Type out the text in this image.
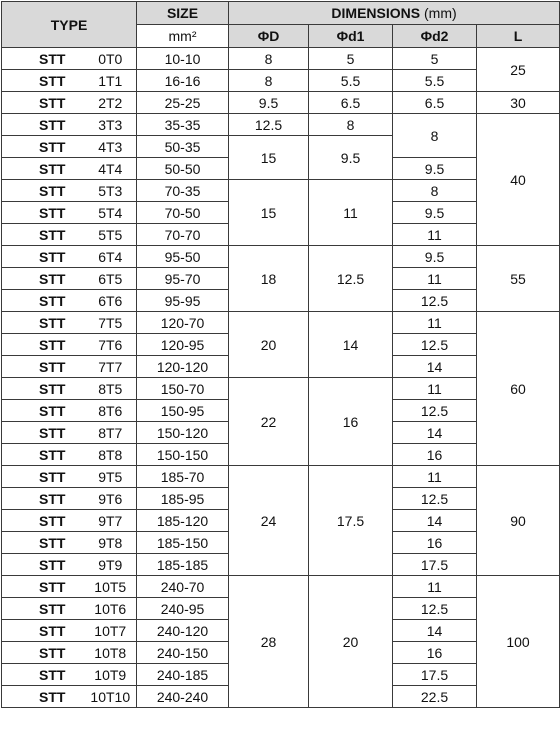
TYPE		SIZE	DIMENSIONS (mm)			
		mm²	ΦD	Φd1	Φd2	L
STT	0T0	10-10	8	5	5	25
STT	1T1	16-16	8	5.5	5.5	
STT	2T2	25-25	9.5	6.5	6.5	30
STT	3T3	35-35	12.5	8	8	40
STT	4T3	50-35	15	9.5		
STT	4T4	50-50			9.5	
STT	5T3	70-35	15	11	8	
STT	5T4	70-50			9.5	
STT	5T5	70-70			11	
STT	6T4	95-50	18	12.5	9.5	55
STT	6T5	95-70			11	
STT	6T6	95-95			12.5	
STT	7T5	120-70	20	14	11	60
STT	7T6	120-95			12.5	
STT	7T7	120-120			14	
STT	8T5	150-70	22	16	11	
STT	8T6	150-95			12.5	
STT	8T7	150-120			14	
STT	8T8	150-150			16	
STT	9T5	185-70	24	17.5	11	90
STT	9T6	185-95			12.5	
STT	9T7	185-120			14	
STT	9T8	185-150			16	
STT	9T9	185-185			17.5	
STT	10T5	240-70	28	20	11	100
STT	10T6	240-95			12.5	
STT	10T7	240-120			14	
STT	10T8	240-150			16	
STT	10T9	240-185			17.5	
STT	10T10	240-240			22.5	
